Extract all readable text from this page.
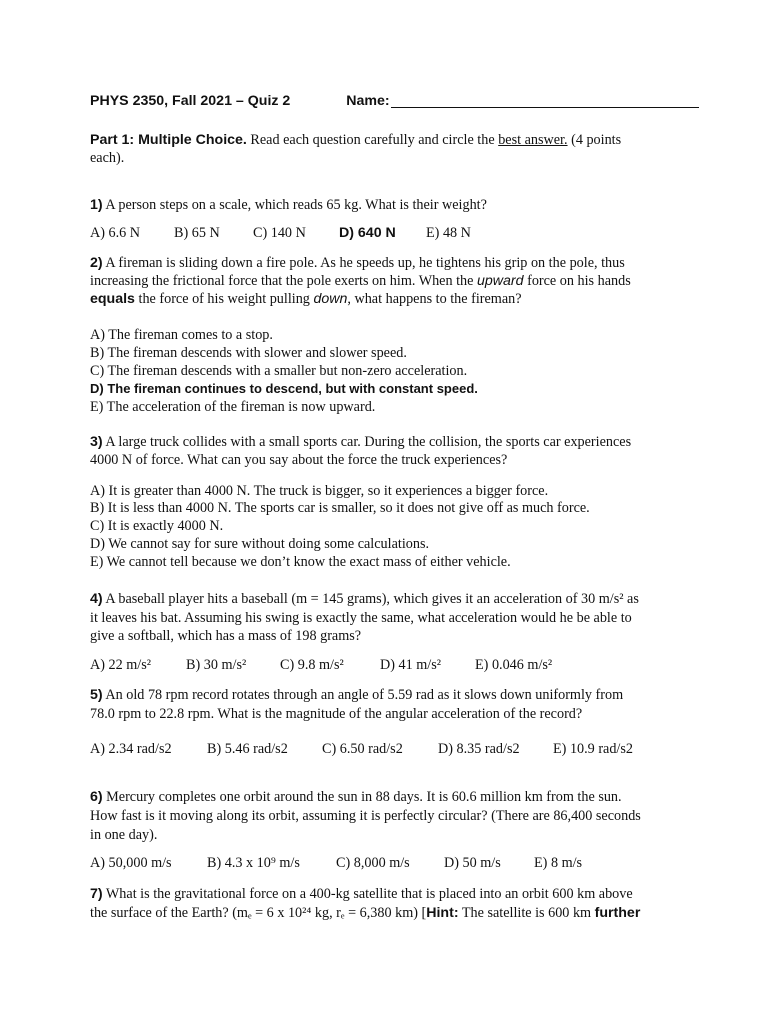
PHYS 2350, Fall 2021 – Quiz 2	Name:
Part 1: Multiple Choice. Read each question carefully and circle the best answer. (4 points
each).
1) A person steps on a scale, which reads 65 kg. What is their weight?
A) 6.6 N B) 65 N C) 140 N D) 640 N E) 48 N
2) A fireman is sliding down a fire pole. As he speeds up, he tightens his grip on the pole, thus
increasing the frictional force that the pole exerts on him. When the upward force on his hands
equals the force of his weight pulling down, what happens to the fireman?
A) The fireman comes to a stop.
B) The fireman descends with slower and slower speed.
C) The fireman descends with a smaller but non-zero acceleration.
D) The fireman continues to descend, but with constant speed.
E) The acceleration of the fireman is now upward.
3) A large truck collides with a small sports car. During the collision, the sports car experiences
4000 N of force. What can you say about the force the truck experiences?
A) It is greater than 4000 N. The truck is bigger, so it experiences a bigger force.
B) It is less than 4000 N. The sports car is smaller, so it does not give off as much force.
C) It is exactly 4000 N.
D) We cannot say for sure without doing some calculations.
E) We cannot tell because we don’t know the exact mass of either vehicle.
4) A baseball player hits a baseball (m = 145 grams), which gives it an acceleration of 30 m/s² as
it leaves his bat. Assuming his swing is exactly the same, what acceleration would he be able to
give a softball, which has a mass of 198 grams?
A) 22 m/s² B) 30 m/s² C) 9.8 m/s²	D) 41 m/s² E) 0.046 m/s²
5) An old 78 rpm record rotates through an angle of 5.59 rad as it slows down uniformly from
78.0 rpm to 22.8 rpm. What is the magnitude of the angular acceleration of the record?
A) 2.34 rad/s2 B) 5.46 rad/s2 C) 6.50 rad/s2 D) 8.35 rad/s2 E) 10.9 rad/s2
6) Mercury completes one orbit around the sun in 88 days. It is 60.6 million km from the sun.
How fast is it moving along its orbit, assuming it is perfectly circular? (There are 86,400 seconds
in one day).
A) 50,000 m/s B) 4.3 x 10⁹ m/s	C) 8,000 m/s D) 50 m/s E) 8 m/s
7) What is the gravitational force on a 400-kg satellite that is placed into an orbit 600 km above
the surface of the Earth? (mₑ = 6 x 10²⁴ kg, rₑ = 6,380 km) [Hint: The satellite is 600 km further
